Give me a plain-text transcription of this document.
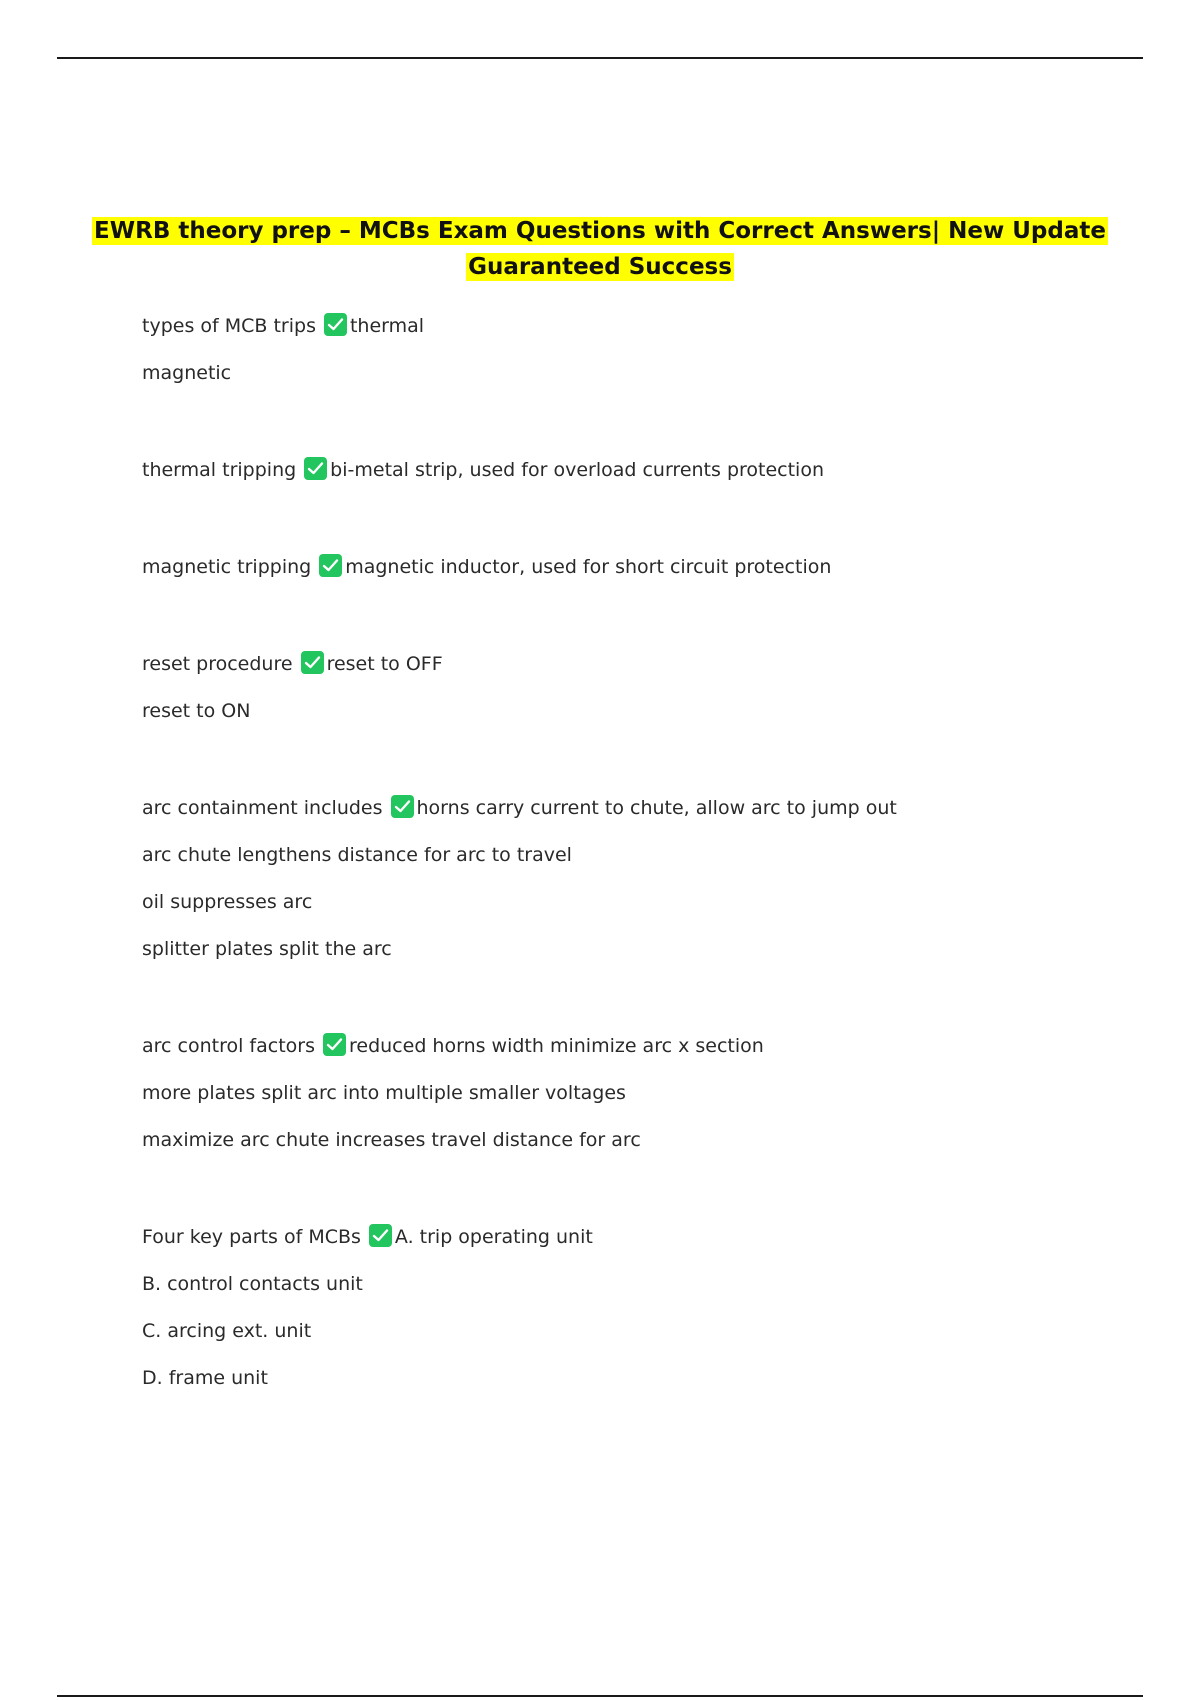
EWRB theory prep – MCBs Exam Questions with Correct Answers| New Update
Guaranteed Success
types of MCB trips thermal
magnetic
thermal tripping bi-metal strip, used for overload currents protection
magnetic tripping magnetic inductor, used for short circuit protection
reset procedure reset to OFF
reset to ON
arc containment includes horns carry current to chute, allow arc to jump out
arc chute lengthens distance for arc to travel
oil suppresses arc
splitter plates split the arc
arc control factors reduced horns width minimize arc x section
more plates split arc into multiple smaller voltages
maximize arc chute increases travel distance for arc
Four key parts of MCBs A. trip operating unit
B. control contacts unit
C. arcing ext. unit
D. frame unit
